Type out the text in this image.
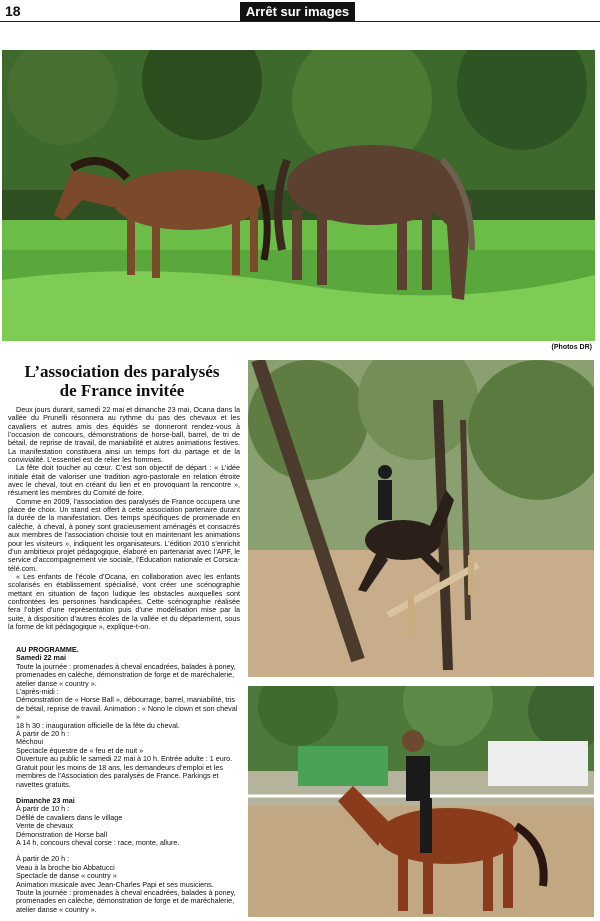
18	Arrêt sur images
(Photos DR)
L’association des paralysés
de France invitée

Deux jours durant, samedi 22 mai et dimanche 23 mai, Ocana dans la vallée du Prunelli résonnera au rythme du pas des chevaux et les cavaliers et autres amis des équidés se donneront rendez-vous à l’occasion de concours, démonstrations de horse-ball, barrel, de tri de bétail, de reprise de travail, de maniabilité et autres animations festives. La manifestation constituera ainsi un temps fort du partage et de la convivialité. L’essentiel est de relier les hommes.

La fête doit toucher au cœur. C’est son objectif de départ : « L’idée initiale était de valoriser une tradition agro-pastorale en relation étroite avec le cheval, tout en créant du lien et en provoquant la rencontre », résument les membres du Comité de foire.

Comme en 2009, l’association des paralysés de France occupera une place de choix. Un stand est offert à cette association partenaire durant la durée de la manifestation. Des temps spécifiques de promenade en calèche, à cheval, à poney sont gracieusement aménagés et consacrés aux membres de l’association choisie tout en maintenant les animations pour les visiteurs », indiquent les organisateurs. L’édition 2010 s’enrichit d’un ambitieux projet pédagogique, élaboré en partenariat avec l’APF, le service d’accompagnement vie sociale, l’Éducation nationale et Corsica-télé.com.

« Les enfants de l’école d’Ocana, en collaboration avec les enfants scolarisés en établissement spécialisé, vont créer une scénographie mettant en situation de façon ludique les obstacles auxquelles sont confrontées les personnes handicapées. Cette scénographie réalisée fera l’objet d’une représentation puis d’une modélisation mise par la suite, à disposition d’autres écoles de la vallée et du département, sous la forme de kit pédagogique », explique-t-on.

AU PROGRAMME.
Samedi 22 mai
Toute la journée : promenades à cheval encadrées, balades à poney, promenades en calèche, démonstration de forge et de maréchalerie, atelier danse « country ».
L’après-midi :
Démonstration de « Horse Ball », débourrage, barrel, maniabilité, tris de bétail, reprise de travail. Animation : « Nono le clown et son cheval »
18 h 30 : inauguration officielle de la fête du cheval.
À partir de 20 h :
Méchoui
Spectacle équestre de « feu et de nuit »
Ouverture au public le samedi 22 mai à 10 h. Entrée adulte : 1 euro. Gratuit pour les moins de 18 ans, les demandeurs d’emploi et les membres de l’Association des paralysés de France. Parkings et navettes gratuits.
Dimanche 23 mai
À partir de 10 h :
Défilé de cavaliers dans le village
Vente de chevaux
Démonstration de Horse ball
A 14 h, concours cheval corse : race, monte, allure.
À partir de 20 h :
Veau à la broche bio Abbatucci
Spectacle de danse « country »
Animation musicale avec Jean-Charles Papi et ses musiciens.
Toute la journée : promenades à cheval encadrées, balades à poney, promenades en calèche, démonstration de forge et de maréchalerie, atelier danse « country ».
